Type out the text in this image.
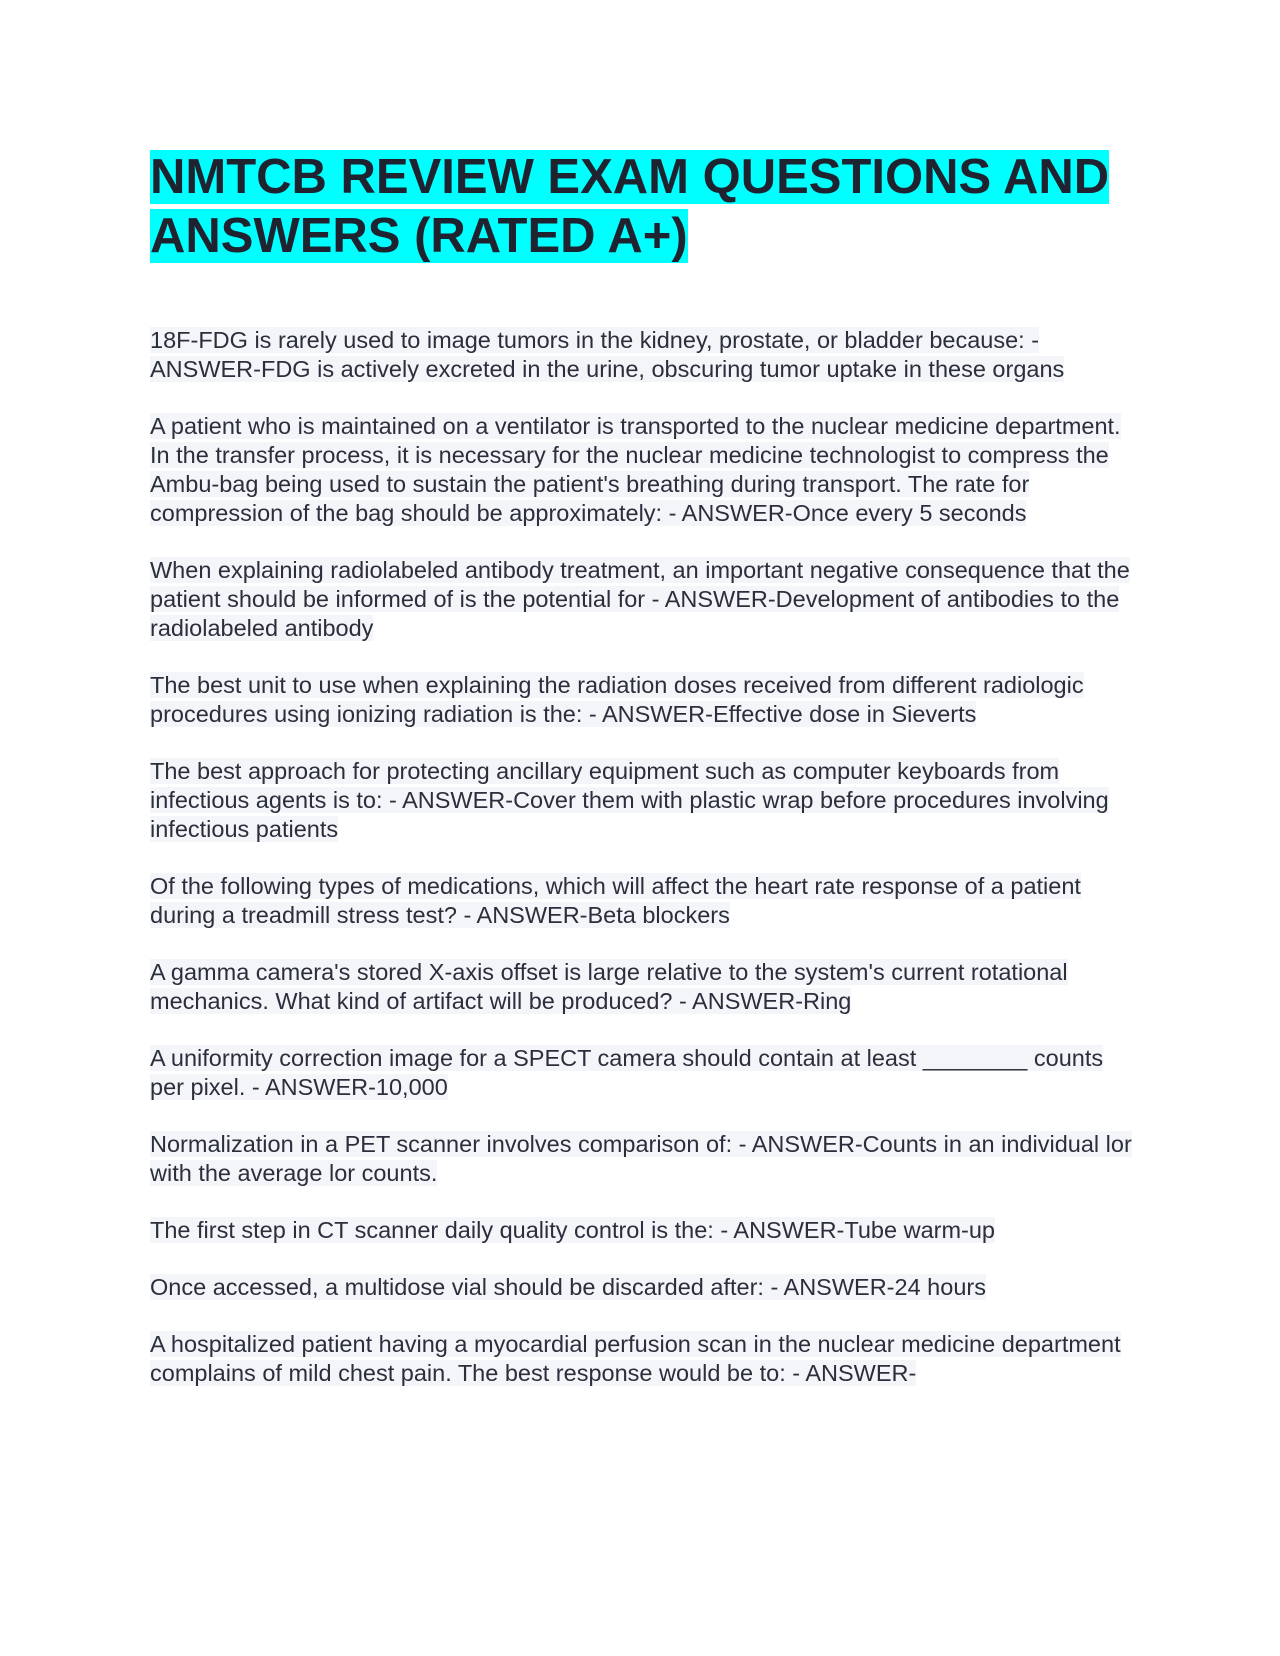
NMTCB REVIEW EXAM QUESTIONS AND ANSWERS (RATED A+)

18F-FDG is rarely used to image tumors in the kidney, prostate, or bladder because: - ANSWER-FDG is actively excreted in the urine, obscuring tumor uptake in these organs

A patient who is maintained on a ventilator is transported to the nuclear medicine department. In the transfer process, it is necessary for the nuclear medicine technologist to compress the Ambu-bag being used to sustain the patient's breathing during transport. The rate for compression of the bag should be approximately: - ANSWER-Once every 5 seconds

When explaining radiolabeled antibody treatment, an important negative consequence that the patient should be informed of is the potential for - ANSWER-Development of antibodies to the radiolabeled antibody

The best unit to use when explaining the radiation doses received from different radiologic procedures using ionizing radiation is the: - ANSWER-Effective dose in Sieverts

The best approach for protecting ancillary equipment such as computer keyboards from infectious agents is to: - ANSWER-Cover them with plastic wrap before procedures involving infectious patients

Of the following types of medications, which will affect the heart rate response of a patient during a treadmill stress test? - ANSWER-Beta blockers

A gamma camera's stored X-axis offset is large relative to the system's current rotational mechanics. What kind of artifact will be produced? - ANSWER-Ring

A uniformity correction image for a SPECT camera should contain at least ________ counts per pixel. - ANSWER-10,000

Normalization in a PET scanner involves comparison of: - ANSWER-Counts in an individual lor with the average lor counts.

The first step in CT scanner daily quality control is the: - ANSWER-Tube warm-up

Once accessed, a multidose vial should be discarded after: - ANSWER-24 hours

A hospitalized patient having a myocardial perfusion scan in the nuclear medicine department complains of mild chest pain. The best response would be to: - ANSWER-
